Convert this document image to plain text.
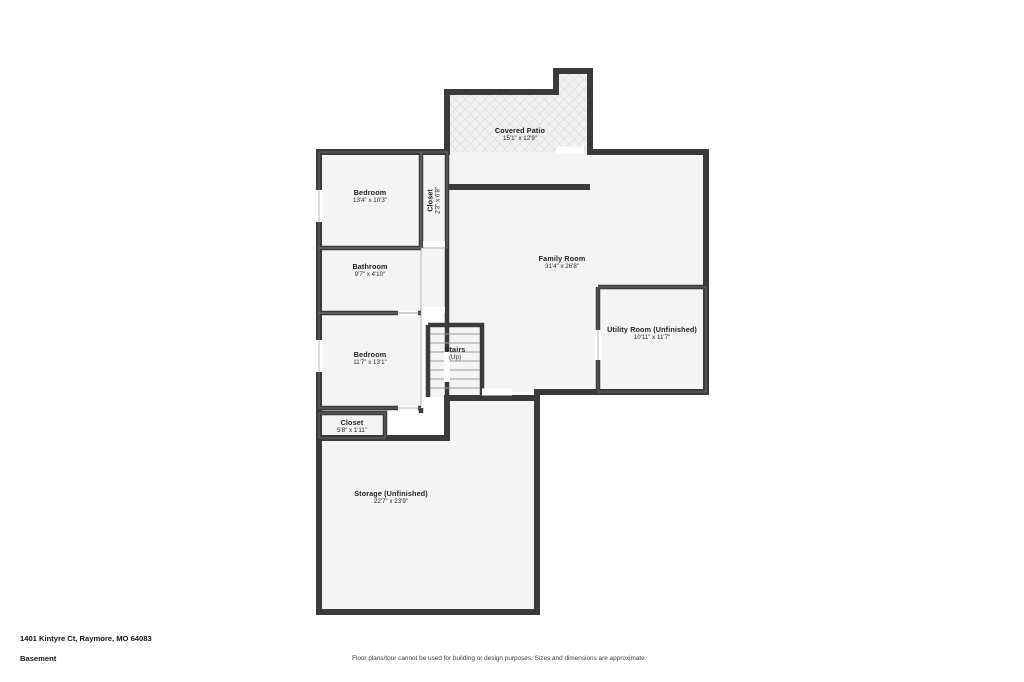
Covered Patio
15'1" x 12'9"
Bedroom
13'4" x 10'3"	Closet 2'3" x 6'8"
Bathroom
9'7" x 4'10"
Family Room
31'4" x 26'8"
Utility Room (Unfinished)
10'11" x 11'7"
Bedroom
11'7" x 13'1"
Stairs
(Up)
Closet
5'8" x 1'11"
Storage (Unfinished)
22'7" x 23'9"
1401 Kintyre Ct, Raymore, MO 64083
Basement	Floor plans/tour cannot be used for building or design purposes. Sizes and dimensions are approximate.
